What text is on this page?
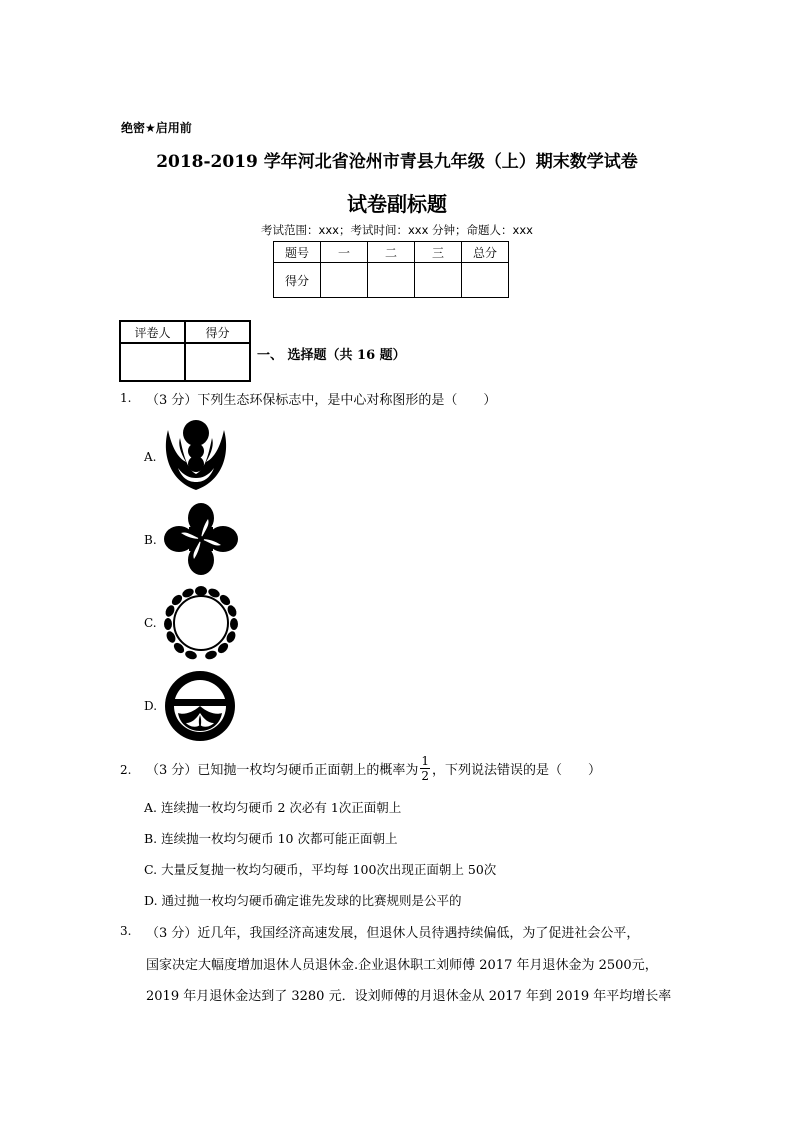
绝密★启用前
2018-2019 学年河北省沧州市青县九年级（上）期末数学试卷
试卷副标题
考试范围：xxx；考试时间：xxx 分钟；命题人：xxx
题号	一	二	三	总分
得分				
评卷人	得分

一、 选择题（共 16 题）
1. （3 分）下列生态环保标志中，是中心对称图形的是（　　）
A.
B.
C.
D.
2. （3 分）已知抛一枚均匀硬币正面朝上的概率为 $\frac{1}{2}$ ，下列说法错误的是（　　）
A. 连续抛一枚均匀硬币 2 次必有 1次正面朝上
B. 连续抛一枚均匀硬币 10 次都可能正面朝上
C. 大量反复抛一枚均匀硬币，平均每 100次出现正面朝上 50次
D. 通过抛一枚均匀硬币确定谁先发球的比赛规则是公平的
3. （3 分）近几年，我国经济高速发展，但退休人员待遇持续偏低，为了促进社会公平，
国家决定大幅度增加退休人员退休金.企业退休职工刘师傅 2017 年月退休金为 2500元，
2019 年月退休金达到了 3280 元．设刘师傅的月退休金从 2017 年到 2019 年平均增长率
